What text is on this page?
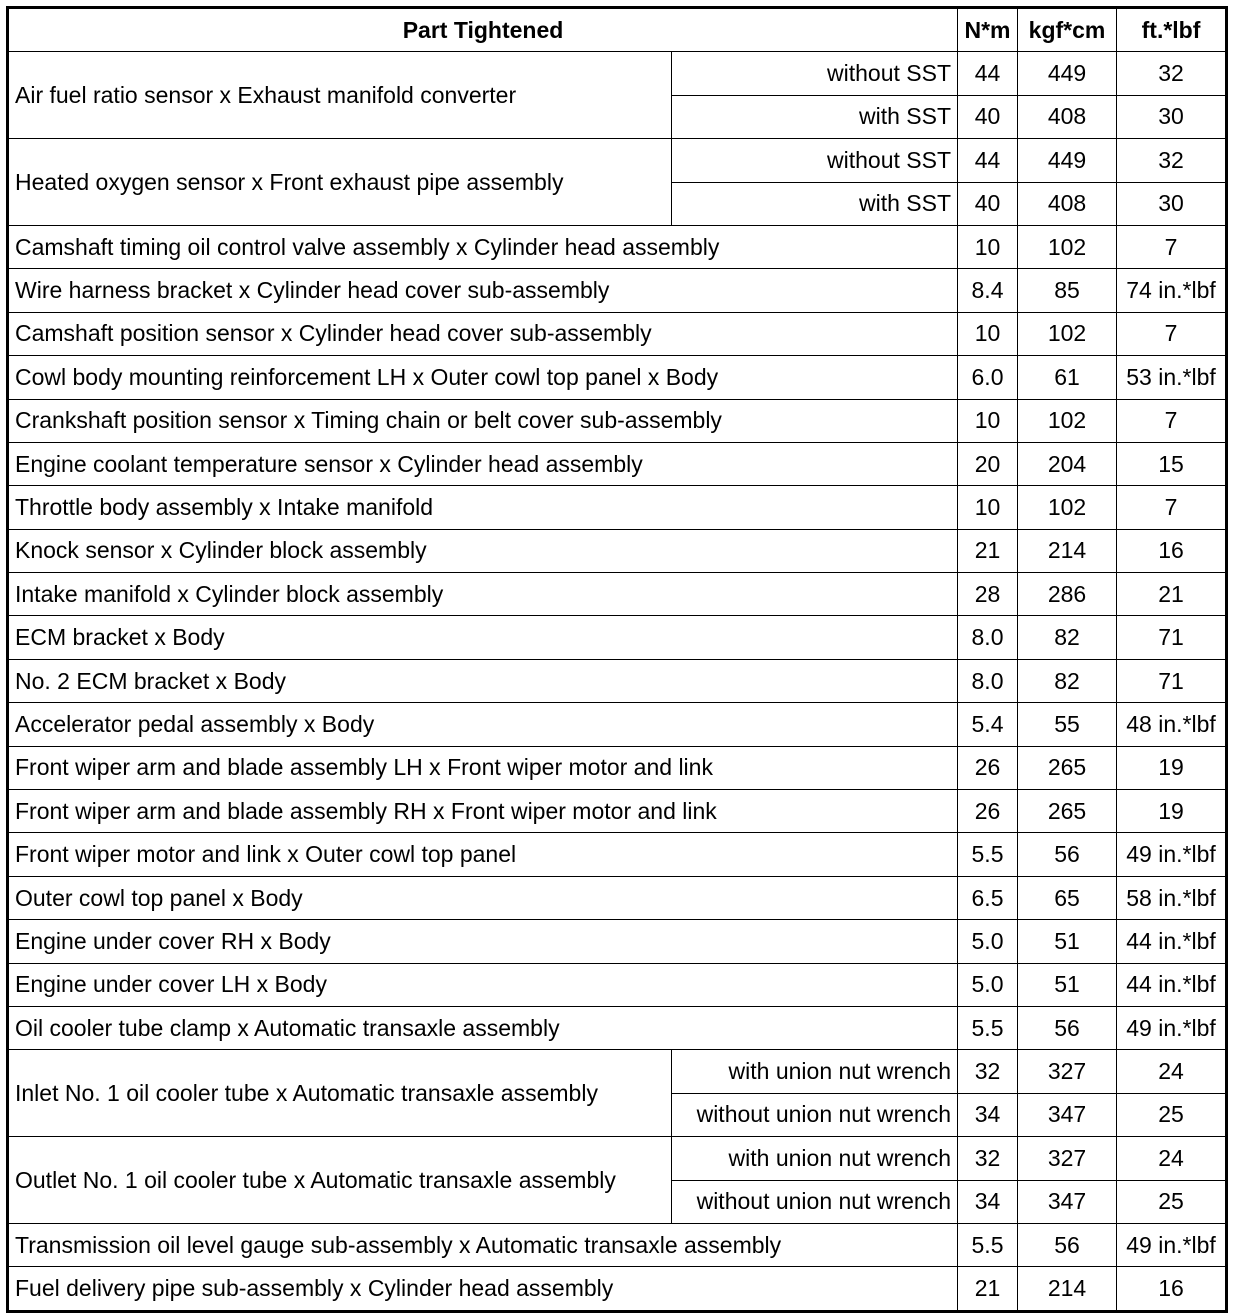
Part Tightened		N*m	kgf*cm	ft.*lbf
Air fuel ratio sensor x Exhaust manifold converter	without SST	44	449	32
	with SST	40	408	30
Heated oxygen sensor x Front exhaust pipe assembly	without SST	44	449	32
	with SST	40	408	30
Camshaft timing oil control valve assembly x Cylinder head assembly		10	102	7
Wire harness bracket x Cylinder head cover sub-assembly		8.4	85	74 in.*lbf
Camshaft position sensor x Cylinder head cover sub-assembly		10	102	7
Cowl body mounting reinforcement LH x Outer cowl top panel x Body		6.0	61	53 in.*lbf
Crankshaft position sensor x Timing chain or belt cover sub-assembly		10	102	7
Engine coolant temperature sensor x Cylinder head assembly		20	204	15
Throttle body assembly x Intake manifold		10	102	7
Knock sensor x Cylinder block assembly		21	214	16
Intake manifold x Cylinder block assembly		28	286	21
ECM bracket x Body		8.0	82	71
No. 2 ECM bracket x Body		8.0	82	71
Accelerator pedal assembly x Body		5.4	55	48 in.*lbf
Front wiper arm and blade assembly LH x Front wiper motor and link		26	265	19
Front wiper arm and blade assembly RH x Front wiper motor and link		26	265	19
Front wiper motor and link x Outer cowl top panel		5.5	56	49 in.*lbf
Outer cowl top panel x Body		6.5	65	58 in.*lbf
Engine under cover RH x Body		5.0	51	44 in.*lbf
Engine under cover LH x Body		5.0	51	44 in.*lbf
Oil cooler tube clamp x Automatic transaxle assembly		5.5	56	49 in.*lbf
Inlet No. 1 oil cooler tube x Automatic transaxle assembly	with union nut wrench	32	327	24
	without union nut wrench	34	347	25
Outlet No. 1 oil cooler tube x Automatic transaxle assembly	with union nut wrench	32	327	24
	without union nut wrench	34	347	25
Transmission oil level gauge sub-assembly x Automatic transaxle assembly		5.5	56	49 in.*lbf
Fuel delivery pipe sub-assembly x Cylinder head assembly		21	214	16
